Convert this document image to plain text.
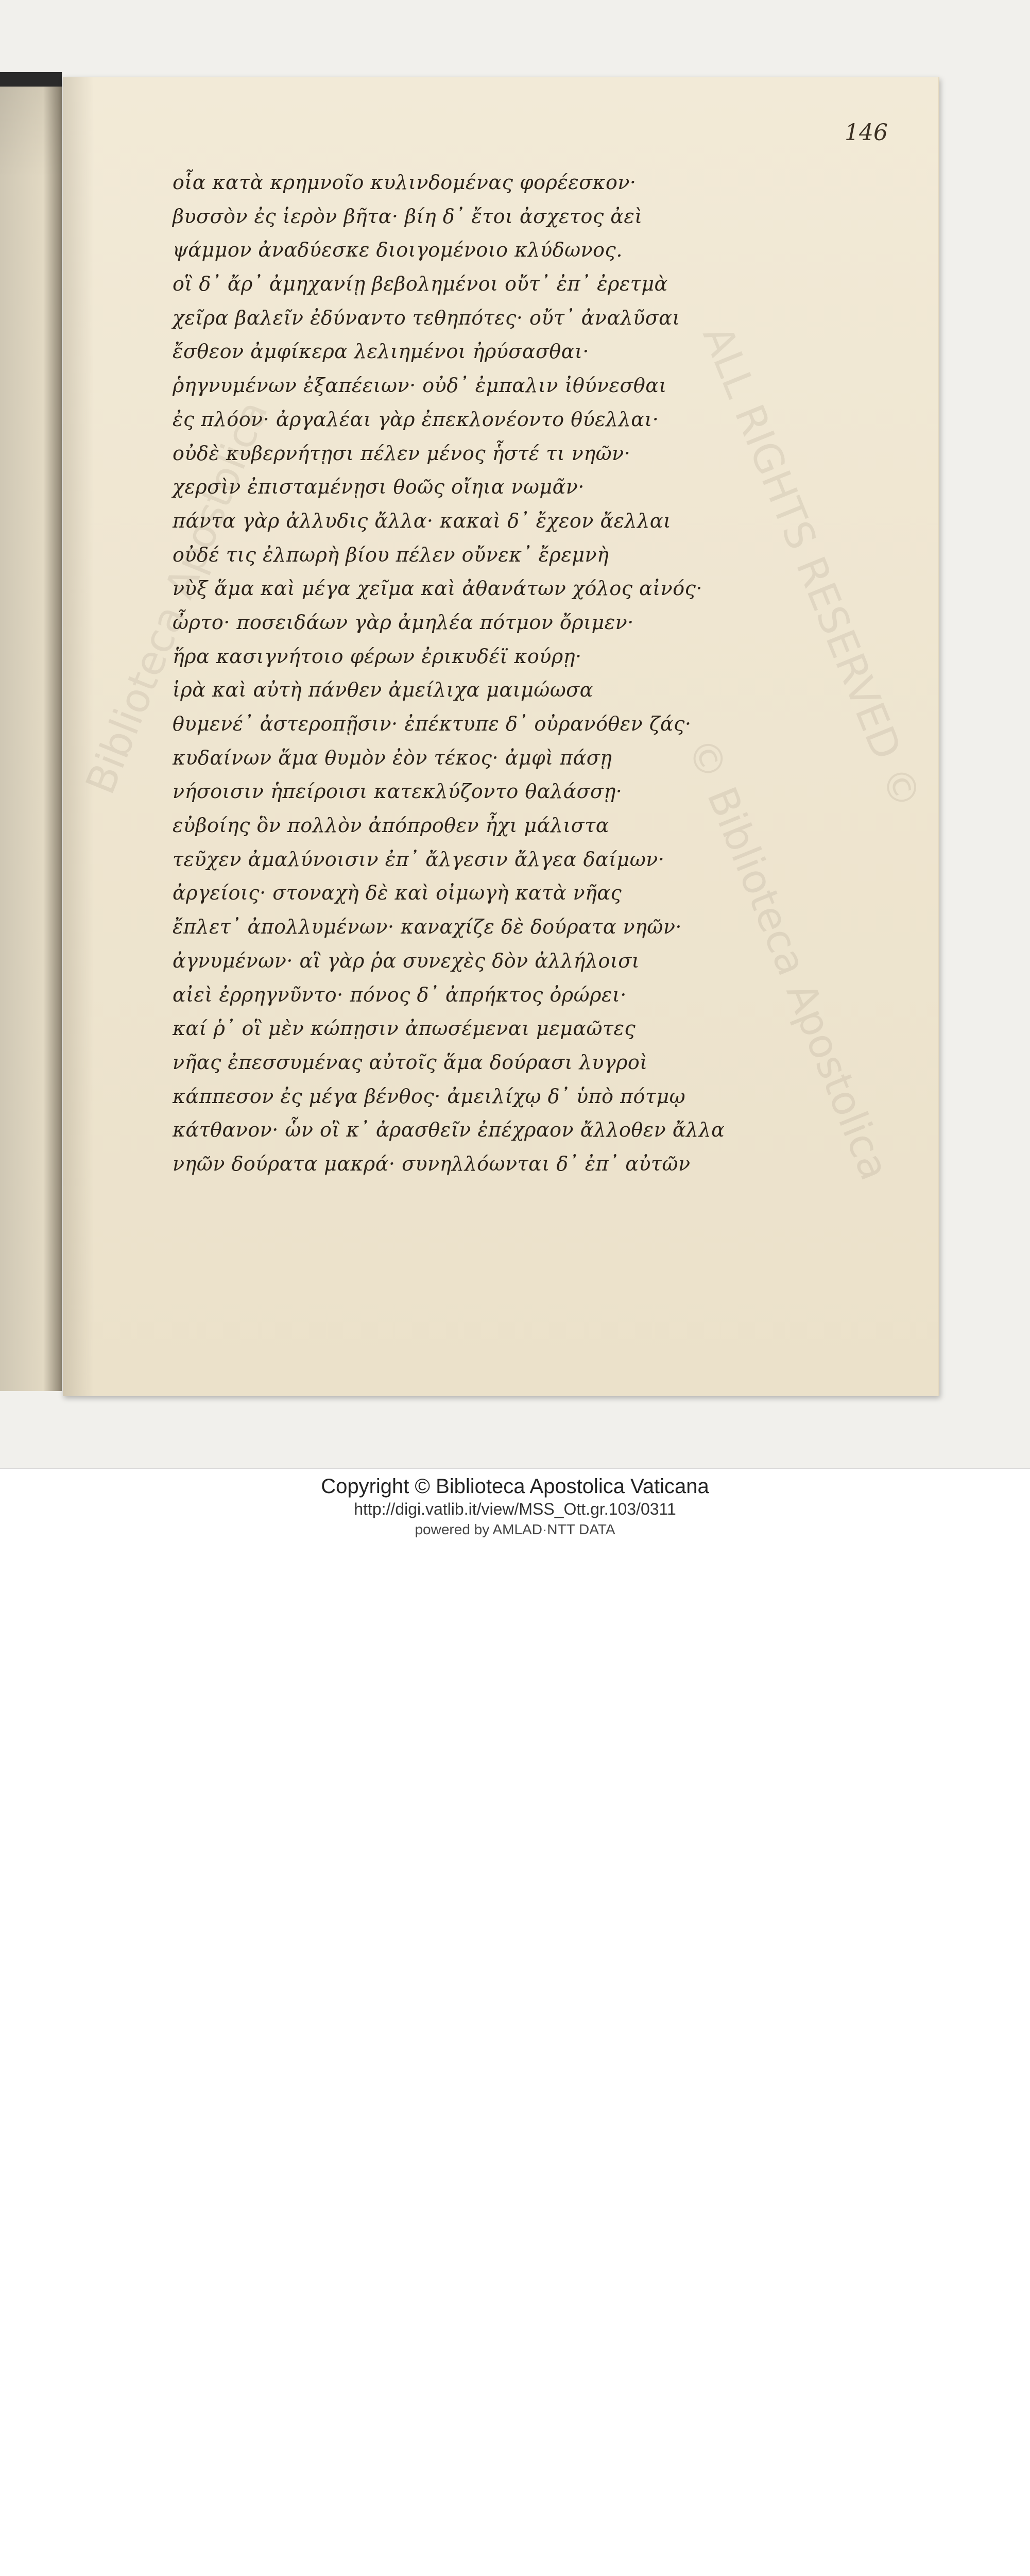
146
οἷα κατὰ κρημνοῖο κυλινδομένας φορέεσκον·
βυσσὸν ἐς ἱερὸν βῆτα· βίη δ᾽ ἔτοι ἀσχετος ἀεὶ
ψάμμον ἀναδύεσκε διοιγομένοιο κλύδωνος.
οἳ δ᾽ ἄρ᾽ ἀμηχανίῃ βεβολημένοι οὔτ᾽ ἐπ᾽ ἐρετμὰ
χεῖρα βαλεῖν ἐδύναντο τεθηπότες· οὔτ᾽ ἀναλῦσαι
ἔσθεον ἀμφίκερα λελιημένοι ἠρύσασθαι·
ῥηγνυμένων ἐξαπέειων· οὐδ᾽ ἐμπαλιν ἰθύνεσθαι
ἐς πλόον· ἀργαλέαι γὰρ ἐπεκλονέοντο θύελλαι·
οὐδὲ κυβερνήτῃσι πέλεν μένος ἧστέ τι νηῶν·
χερσὶν ἐπισταμένῃσι θοῶς οἴηια νωμᾶν·
πάντα γὰρ ἀλλυδις ἄλλα· κακαὶ δ᾽ ἔχεον ἄελλαι
οὐδέ τις ἐλπωρὴ βίου πέλεν οὔνεκ᾽ ἔρεμνὴ
νὺξ ἅμα καὶ μέγα χεῖμα καὶ ἀθανάτων χόλος αἰνός·
ὦρτο· ποσειδάων γὰρ ἀμηλέα πότμον ὄριμεν·
ἥρα κασιγνήτοιο φέρων ἐρικυδέϊ κούρῃ·
ἱρὰ καὶ αὐτὴ πάνθεν ἀμείλιχα μαιμώωσα
θυμενέ᾽ ἀστεροπῇσιν· ἐπέκτυπε δ᾽ οὐρανόθεν ζάς·
κυδαίνων ἅμα θυμὸν ἐὸν τέκος· ἀμφὶ πάσῃ
νήσοισιν ἡπείροισι κατεκλύζοντο θαλάσσῃ·
εὐβοίης ὃν πολλὸν ἀπόπροθεν ἦχι μάλιστα
τεῦχεν ἀμαλύνοισιν ἐπ᾽ ἄλγεσιν ἄλγεα δαίμων·
ἀργείοις· στοναχὴ δὲ καὶ οἰμωγὴ κατὰ νῆας
ἔπλετ᾽ ἀπολλυμένων· καναχίζε δὲ δούρατα νηῶν·
ἀγνυμένων· αἳ γὰρ ῥα συνεχὲς δὸν ἀλλήλοισι
αἰεὶ ἐρρηγνῦντο· πόνος δ᾽ ἀπρήκτος ὀρώρει·
καί ῥ᾽ οἳ μὲν κώπῃσιν ἀπωσέμεναι μεμαῶτες
νῆας ἐπεσσυμένας αὐτοῖς ἅμα δούρασι λυγροὶ
κάππεσον ἐς μέγα βένθος· ἀμειλίχῳ δ᾽ ὑπὸ πότμῳ
κάτθανον· ὧν οἳ κ᾽ ἀρασθεῖν ἐπέχραον ἄλλοθεν ἄλλα
νηῶν δούρατα μακρά· συνηλλόωνται δ᾽ ἐπ᾽ αὐτῶν
Copyright © Biblioteca Apostolica Vaticana
http://digi.vatlib.it/view/MSS_Ott.gr.103/0311
powered by AMLAD·NTT DATA
